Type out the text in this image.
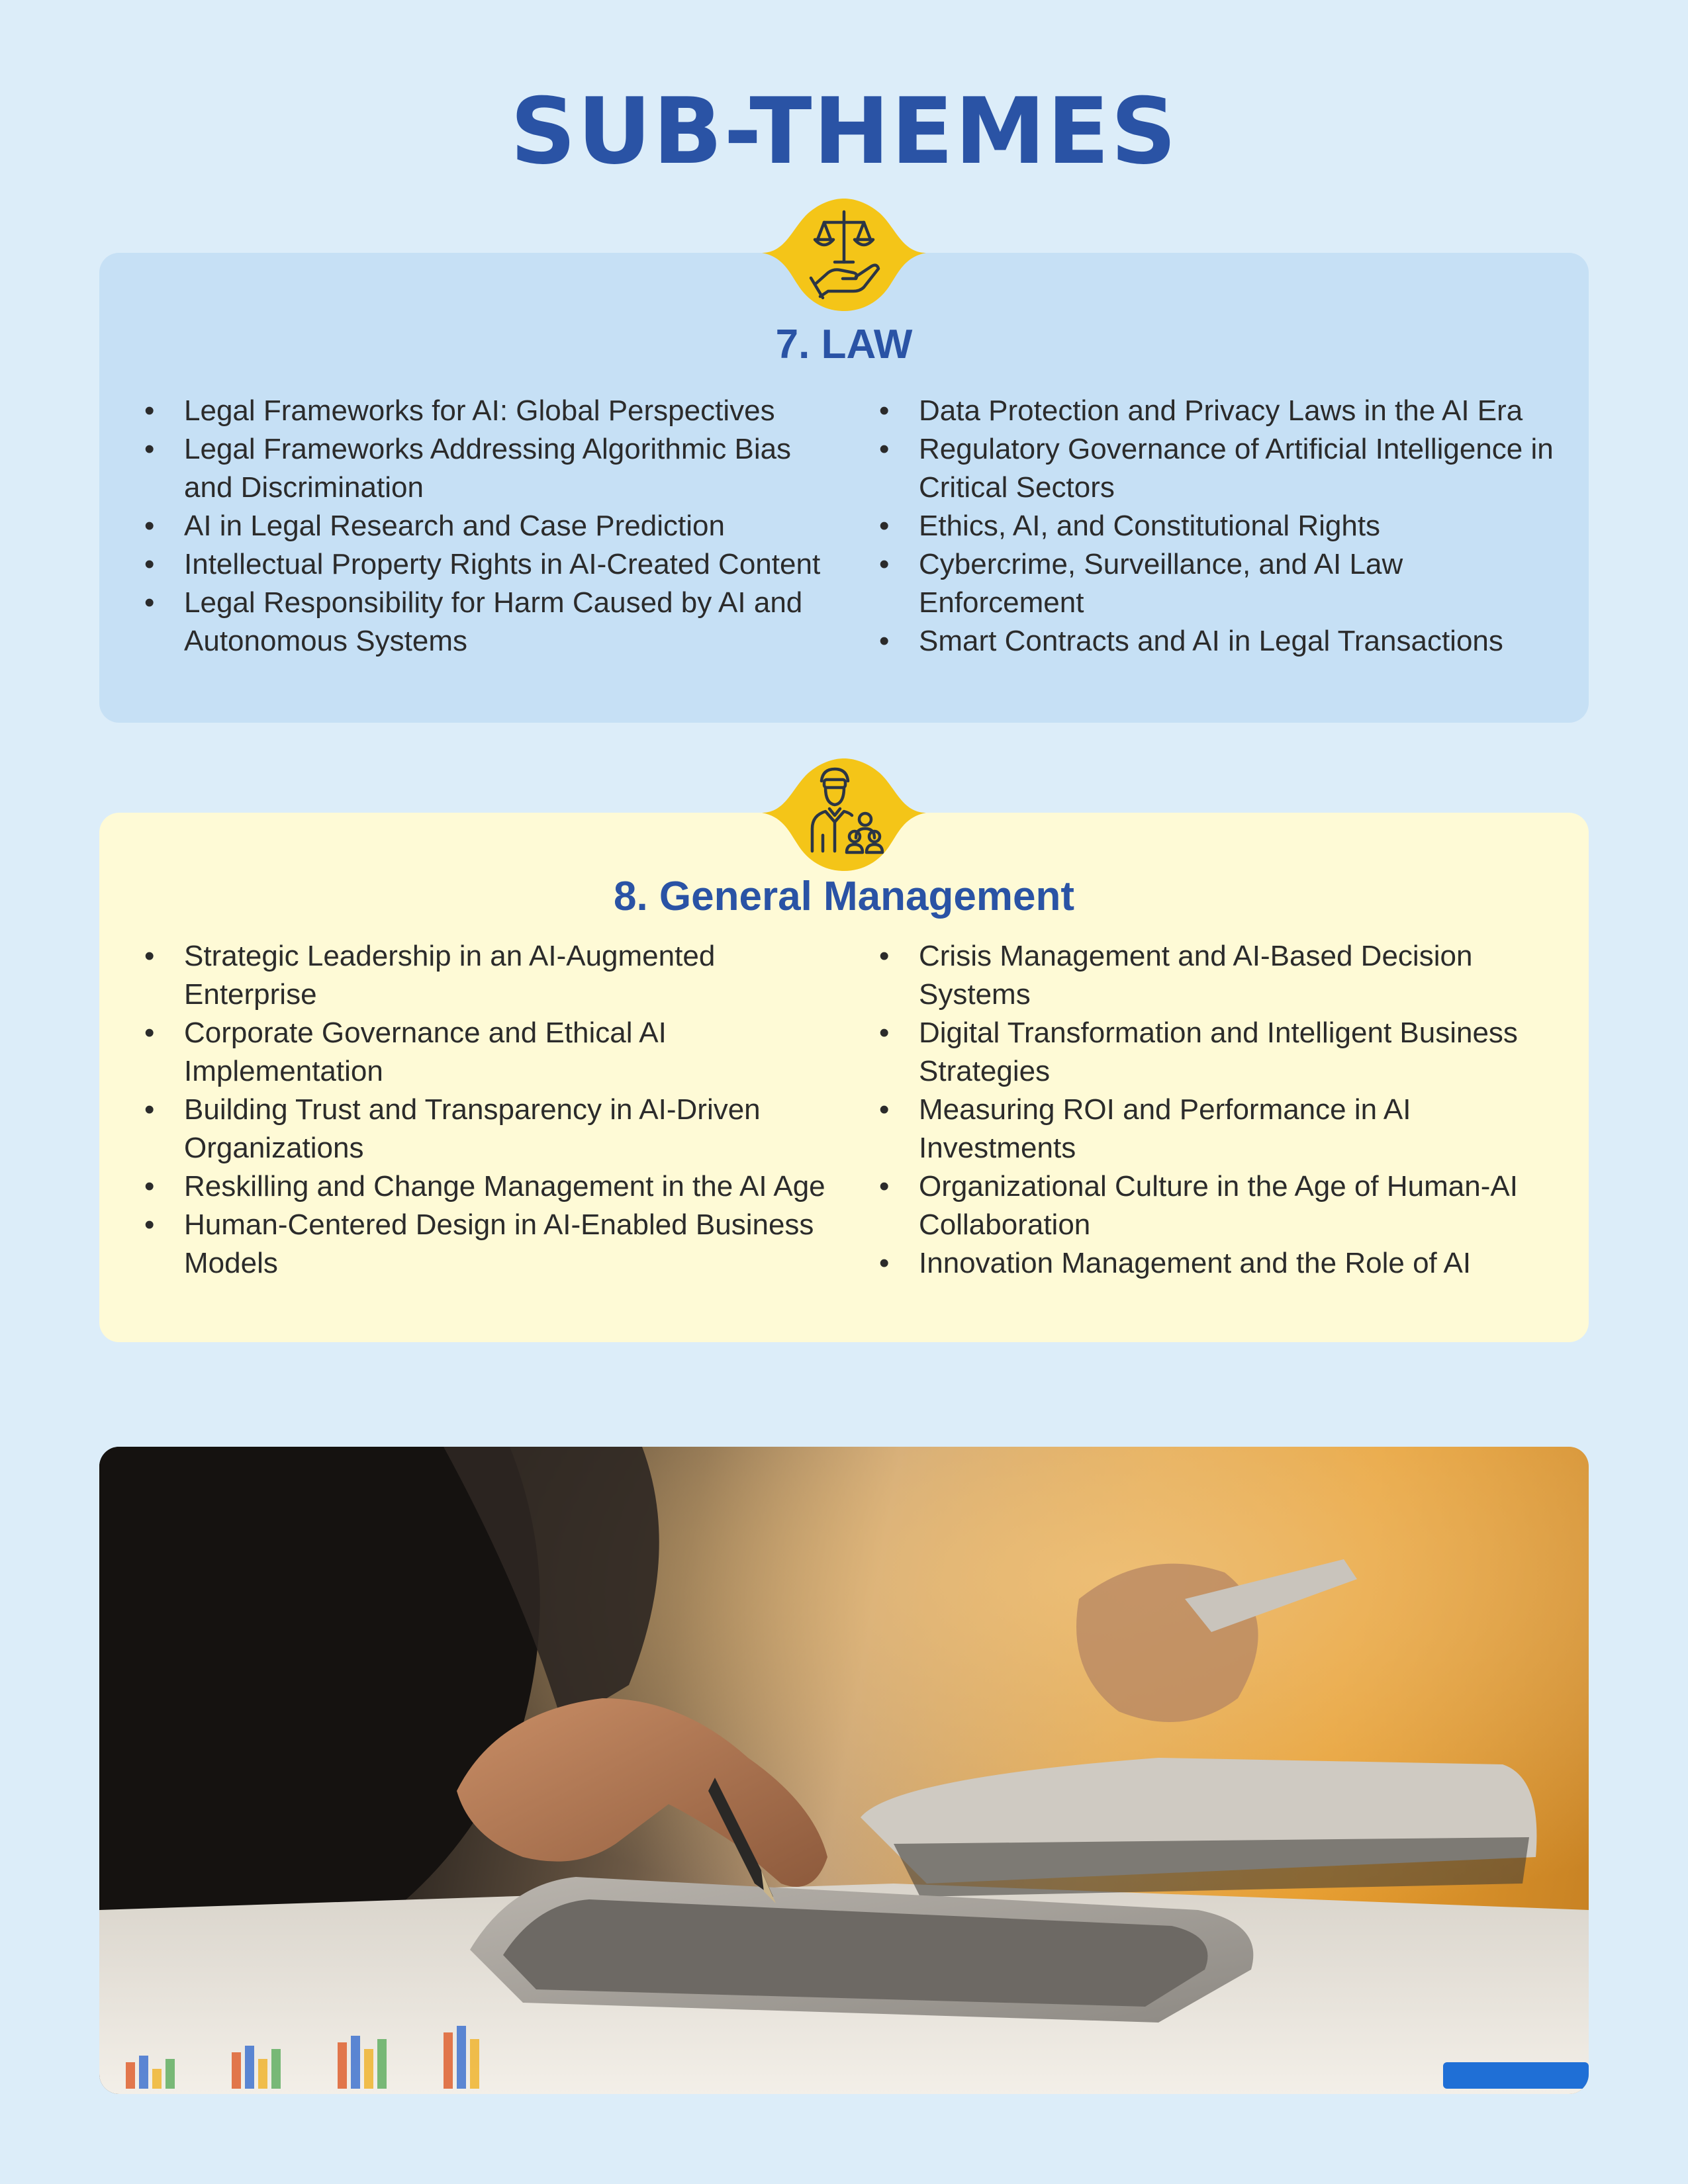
SUB-THEMES
7. LAW
• Legal Frameworks for AI: Global Perspectives
• Legal Frameworks Addressing Algorithmic Bias and Discrimination
• AI in Legal Research and Case Prediction
• Intellectual Property Rights in AI-Created Content
• Legal Responsibility for Harm Caused by AI and Autonomous Systems
• Data Protection and Privacy Laws in the AI Era
• Regulatory Governance of Artificial Intelligence in Critical Sectors
• Ethics, AI, and Constitutional Rights
• Cybercrime, Surveillance, and AI Law Enforcement
• Smart Contracts and AI in Legal Transactions
8. General Management
• Strategic Leadership in an AI-Augmented Enterprise
• Corporate Governance and Ethical AI Implementation
• Building Trust and Transparency in AI-Driven Organizations
• Reskilling and Change Management in the AI Age
• Human-Centered Design in AI-Enabled Business Models
• Crisis Management and AI-Based Decision Systems
• Digital Transformation and Intelligent Business Strategies
• Measuring ROI and Performance in AI Investments
• Organizational Culture in the Age of Human-AI Collaboration
• Innovation Management and the Role of AI
